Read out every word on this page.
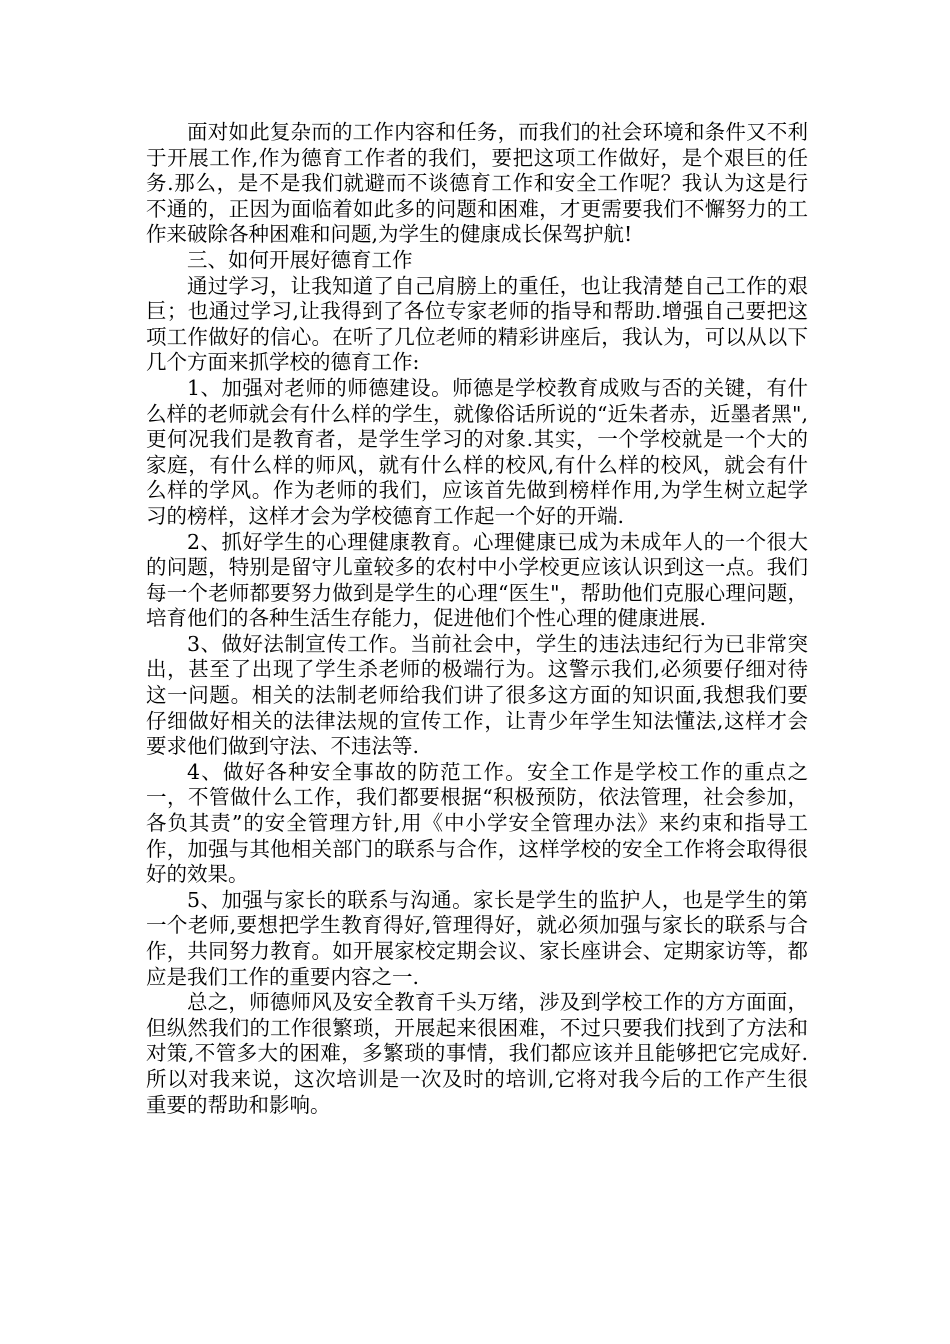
面对如此复杂而的工作内容和任务，而我们的社会环境和条件又不利于开展工作,作为德育工作者的我们，要把这项工作做好，是个艰巨的任务.那么，是不是我们就避而不谈德育工作和安全工作呢？我认为这是行不通的，正因为面临着如此多的问题和困难，才更需要我们不懈努力的工作来破除各种困难和问题,为学生的健康成长保驾护航!

三、如何开展好德育工作

通过学习，让我知道了自己肩膀上的重任，也让我清楚自己工作的艰巨；也通过学习,让我得到了各位专家老师的指导和帮助.增强自己要把这项工作做好的信心。在听了几位老师的精彩讲座后，我认为，可以从以下几个方面来抓学校的德育工作:

1、加强对老师的师德建设。师德是学校教育成败与否的关键，有什么样的老师就会有什么样的学生，就像俗话所说的“近朱者赤，近墨者黑",更何况我们是教育者，是学生学习的对象.其实，一个学校就是一个大的家庭，有什么样的师风，就有什么样的校风,有什么样的校风，就会有什么样的学风。作为老师的我们，应该首先做到榜样作用,为学生树立起学习的榜样，这样才会为学校德育工作起一个好的开端.

2、抓好学生的心理健康教育。心理健康已成为未成年人的一个很大的问题，特别是留守儿童较多的农村中小学校更应该认识到这一点。我们每一个老师都要努力做到是学生的心理“医生"，帮助他们克服心理问题，培育他们的各种生活生存能力，促进他们个性心理的健康进展.

3、做好法制宣传工作。当前社会中，学生的违法违纪行为已非常突出，甚至了出现了学生杀老师的极端行为。这警示我们,必须要仔细对待这一问题。相关的法制老师给我们讲了很多这方面的知识面,我想我们要仔细做好相关的法律法规的宣传工作，让青少年学生知法懂法,这样才会要求他们做到守法、不违法等.

4、做好各种安全事故的防范工作。安全工作是学校工作的重点之一，不管做什么工作，我们都要根据“积极预防，依法管理，社会参加，各负其责”的安全管理方针,用《中小学安全管理办法》来约束和指导工作，加强与其他相关部门的联系与合作，这样学校的安全工作将会取得很好的效果。

5、加强与家长的联系与沟通。家长是学生的监护人，也是学生的第一个老师,要想把学生教育得好,管理得好，就必须加强与家长的联系与合作，共同努力教育。如开展家校定期会议、家长座讲会、定期家访等，都应是我们工作的重要内容之一.

总之，师德师风及安全教育千头万绪，涉及到学校工作的方方面面，但纵然我们的工作很繁琐，开展起来很困难，不过只要我们找到了方法和对策,不管多大的困难，多繁琐的事情，我们都应该并且能够把它完成好.所以对我来说，这次培训是一次及时的培训,它将对我今后的工作产生很重要的帮助和影响。
